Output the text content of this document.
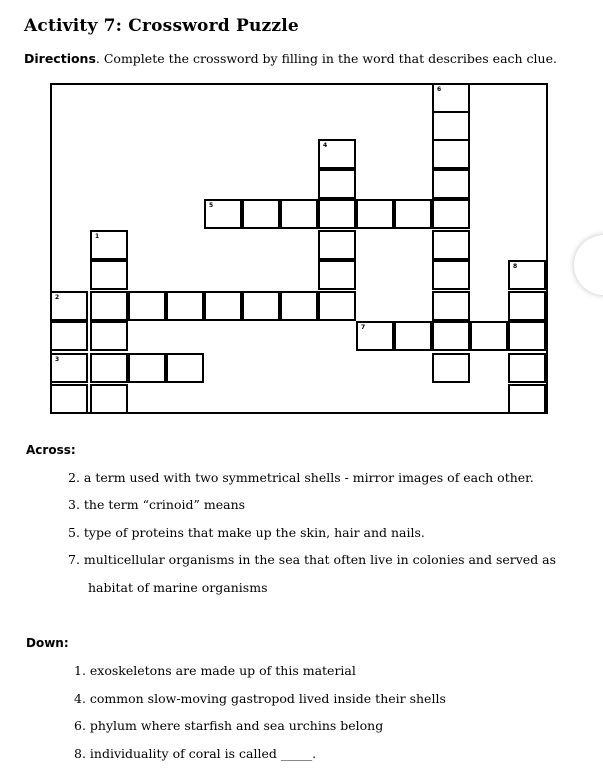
Activity 7: Crossword Puzzle
Directions. Complete the crossword by filling in the word that describes each clue.
6
4
5
1
2
3
7
8
Across:
2. a term used with two symmetrical shells - mirror images of each other.
3. the term “crinoid” means
5. type of proteins that make up the skin, hair and nails.
7. multicellular organisms in the sea that often live in colonies and served as
habitat of marine organisms
Down:
1. exoskeletons are made up of this material
4. common slow-moving gastropod lived inside their shells
6. phylum where starfish and sea urchins belong
8. individuality of coral is called _____.
